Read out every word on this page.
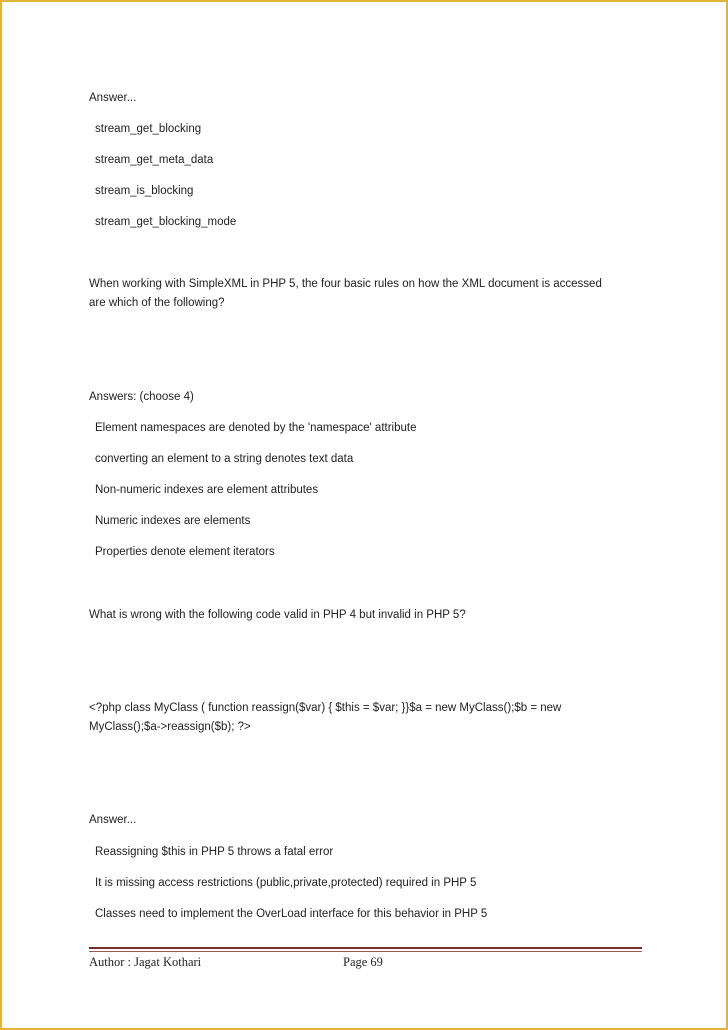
Answer...
stream_get_blocking
stream_get_meta_data
stream_is_blocking
stream_get_blocking_mode
When working with SimpleXML in PHP 5, the four basic rules on how the XML document is accessed
are which of the following?
Answers: (choose 4)
Element namespaces are denoted by the 'namespace' attribute
converting an element to a string denotes text data
Non-numeric indexes are element attributes
Numeric indexes are elements
Properties denote element iterators
What is wrong with the following code valid in PHP 4 but invalid in PHP 5?
<?php class MyClass ( function reassign($var) { $this = $var; }}$a = new MyClass();$b = new
MyClass();$a->reassign($b); ?>
Answer...
Reassigning $this in PHP 5 throws a fatal error
It is missing access restrictions (public,private,protected) required in PHP 5
Classes need to implement the OverLoad interface for this behavior in PHP 5
Author : Jagat Kothari	Page 69
